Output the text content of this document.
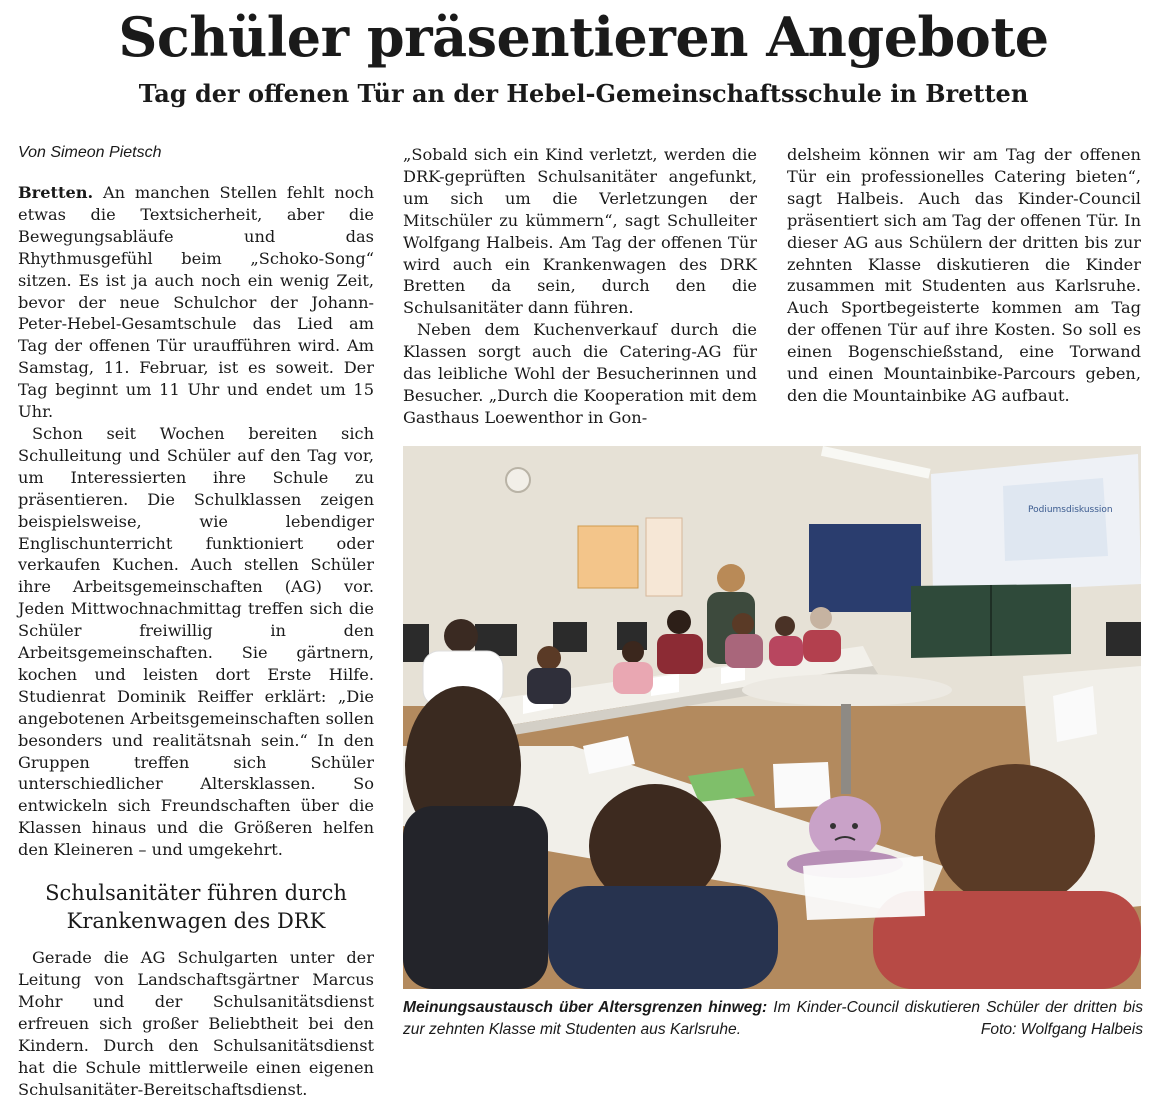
Schüler präsentieren Angebote
Tag der offenen Tür an der Hebel-Gemeinschaftsschule in Bretten

Von Simeon Pietsch

Bretten. An manchen Stellen fehlt noch etwas die Textsicherheit, aber die Bewegungsabläufe und das Rhythmusgefühl beim „Schoko-Song“ sitzen. Es ist ja auch noch ein wenig Zeit, bevor der neue Schulchor der Johann-Peter-Hebel-Gesamtschule das Lied am Tag der offenen Tür uraufführen wird. Am Samstag, 11. Februar, ist es soweit. Der Tag beginnt um 11 Uhr und endet um 15 Uhr.

Schon seit Wochen bereiten sich Schulleitung und Schüler auf den Tag vor, um Interessierten ihre Schule zu präsentieren. Die Schulklassen zeigen beispielsweise, wie lebendiger Englischunterricht funktioniert oder verkaufen Kuchen. Auch stellen Schüler ihre Arbeitsgemeinschaften (AG) vor. Jeden Mittwochnachmittag treffen sich die Schüler freiwillig in den Arbeitsgemeinschaften. Sie gärtnern, kochen und leisten dort Erste Hilfe. Studienrat Dominik Reiffer erklärt: „Die angebotenen Arbeitsgemeinschaften sollen besonders und realitätsnah sein.“ In den Gruppen treffen sich Schüler unterschiedlicher Altersklassen. So entwickeln sich Freundschaften über die Klassen hinaus und die Größeren helfen den Kleineren – und umgekehrt.

Schulsanitäter führen durch Krankenwagen des DRK

Gerade die AG Schulgarten unter der Leitung von Landschaftsgärtner Marcus Mohr und der Schulsanitätsdienst erfreuen sich großer Beliebtheit bei den Kindern. Durch den Schulsanitätsdienst hat die Schule mittlerweile einen eigenen Schulsanitäter-Bereitschaftsdienst.

„Sobald sich ein Kind verletzt, werden die DRK-geprüften Schulsanitäter angefunkt, um sich um die Verletzungen der Mitschüler zu kümmern“, sagt Schulleiter Wolfgang Halbeis. Am Tag der offenen Tür wird auch ein Krankenwagen des DRK Bretten da sein, durch den die Schulsanitäter dann führen.

Neben dem Kuchenverkauf durch die Klassen sorgt auch die Catering-AG für das leibliche Wohl der Besucherinnen und Besucher. „Durch die Kooperation mit dem Gasthaus Loewenthor in Gon-

delsheim können wir am Tag der offenen Tür ein professionelles Catering bieten“, sagt Halbeis. Auch das Kinder-Council präsentiert sich am Tag der offenen Tür. In dieser AG aus Schülern der dritten bis zur zehnten Klasse diskutieren die Kinder zusammen mit Studenten aus Karlsruhe. Auch Sportbegeisterte kommen am Tag der offenen Tür auf ihre Kosten. So soll es einen Bogenschießstand, eine Torwand und einen Mountainbike-Parcours geben, den die Mountainbike AG aufbaut.

Podiumsdiskussion
Meinungsaustausch über Altersgrenzen hinweg: Im Kinder-Council diskutieren Schüler der dritten bis zur zehnten Klasse mit Studenten aus Karlsruhe.	Foto: Wolfgang Halbeis
